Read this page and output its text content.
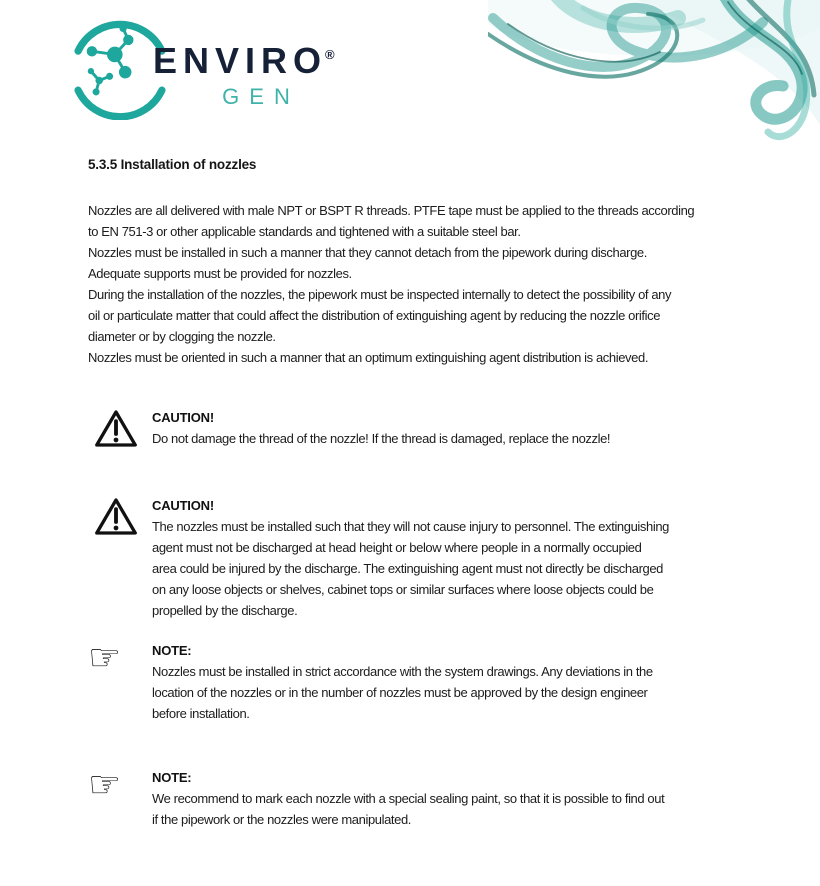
ENVIRO®
GEN
5.3.5 Installation of nozzles
Nozzles are all delivered with male NPT or BSPT R threads. PTFE tape must be applied to the threads according
to EN 751-3 or other applicable standards and tightened with a suitable steel bar.
Nozzles must be installed in such a manner that they cannot detach from the pipework during discharge.
Adequate supports must be provided for nozzles.
During the installation of the nozzles, the pipework must be inspected internally to detect the possibility of any
oil or particulate matter that could affect the distribution of extinguishing agent by reducing the nozzle orifice
diameter or by clogging the nozzle.
Nozzles must be oriented in such a manner that an optimum extinguishing agent distribution is achieved.
CAUTION!
Do not damage the thread of the nozzle! If the thread is damaged, replace the nozzle!
CAUTION!
The nozzles must be installed such that they will not cause injury to personnel. The extinguishing
agent must not be discharged at head height or below where people in a normally occupied
area could be injured by the discharge. The extinguishing agent must not directly be discharged
on any loose objects or shelves, cabinet tops or similar surfaces where loose objects could be
propelled by the discharge.
☞	NOTE:
Nozzles must be installed in strict accordance with the system drawings. Any deviations in the
location of the nozzles or in the number of nozzles must be approved by the design engineer
before installation.
☞	NOTE:
We recommend to mark each nozzle with a special sealing paint, so that it is possible to find out
if the pipework or the nozzles were manipulated.
